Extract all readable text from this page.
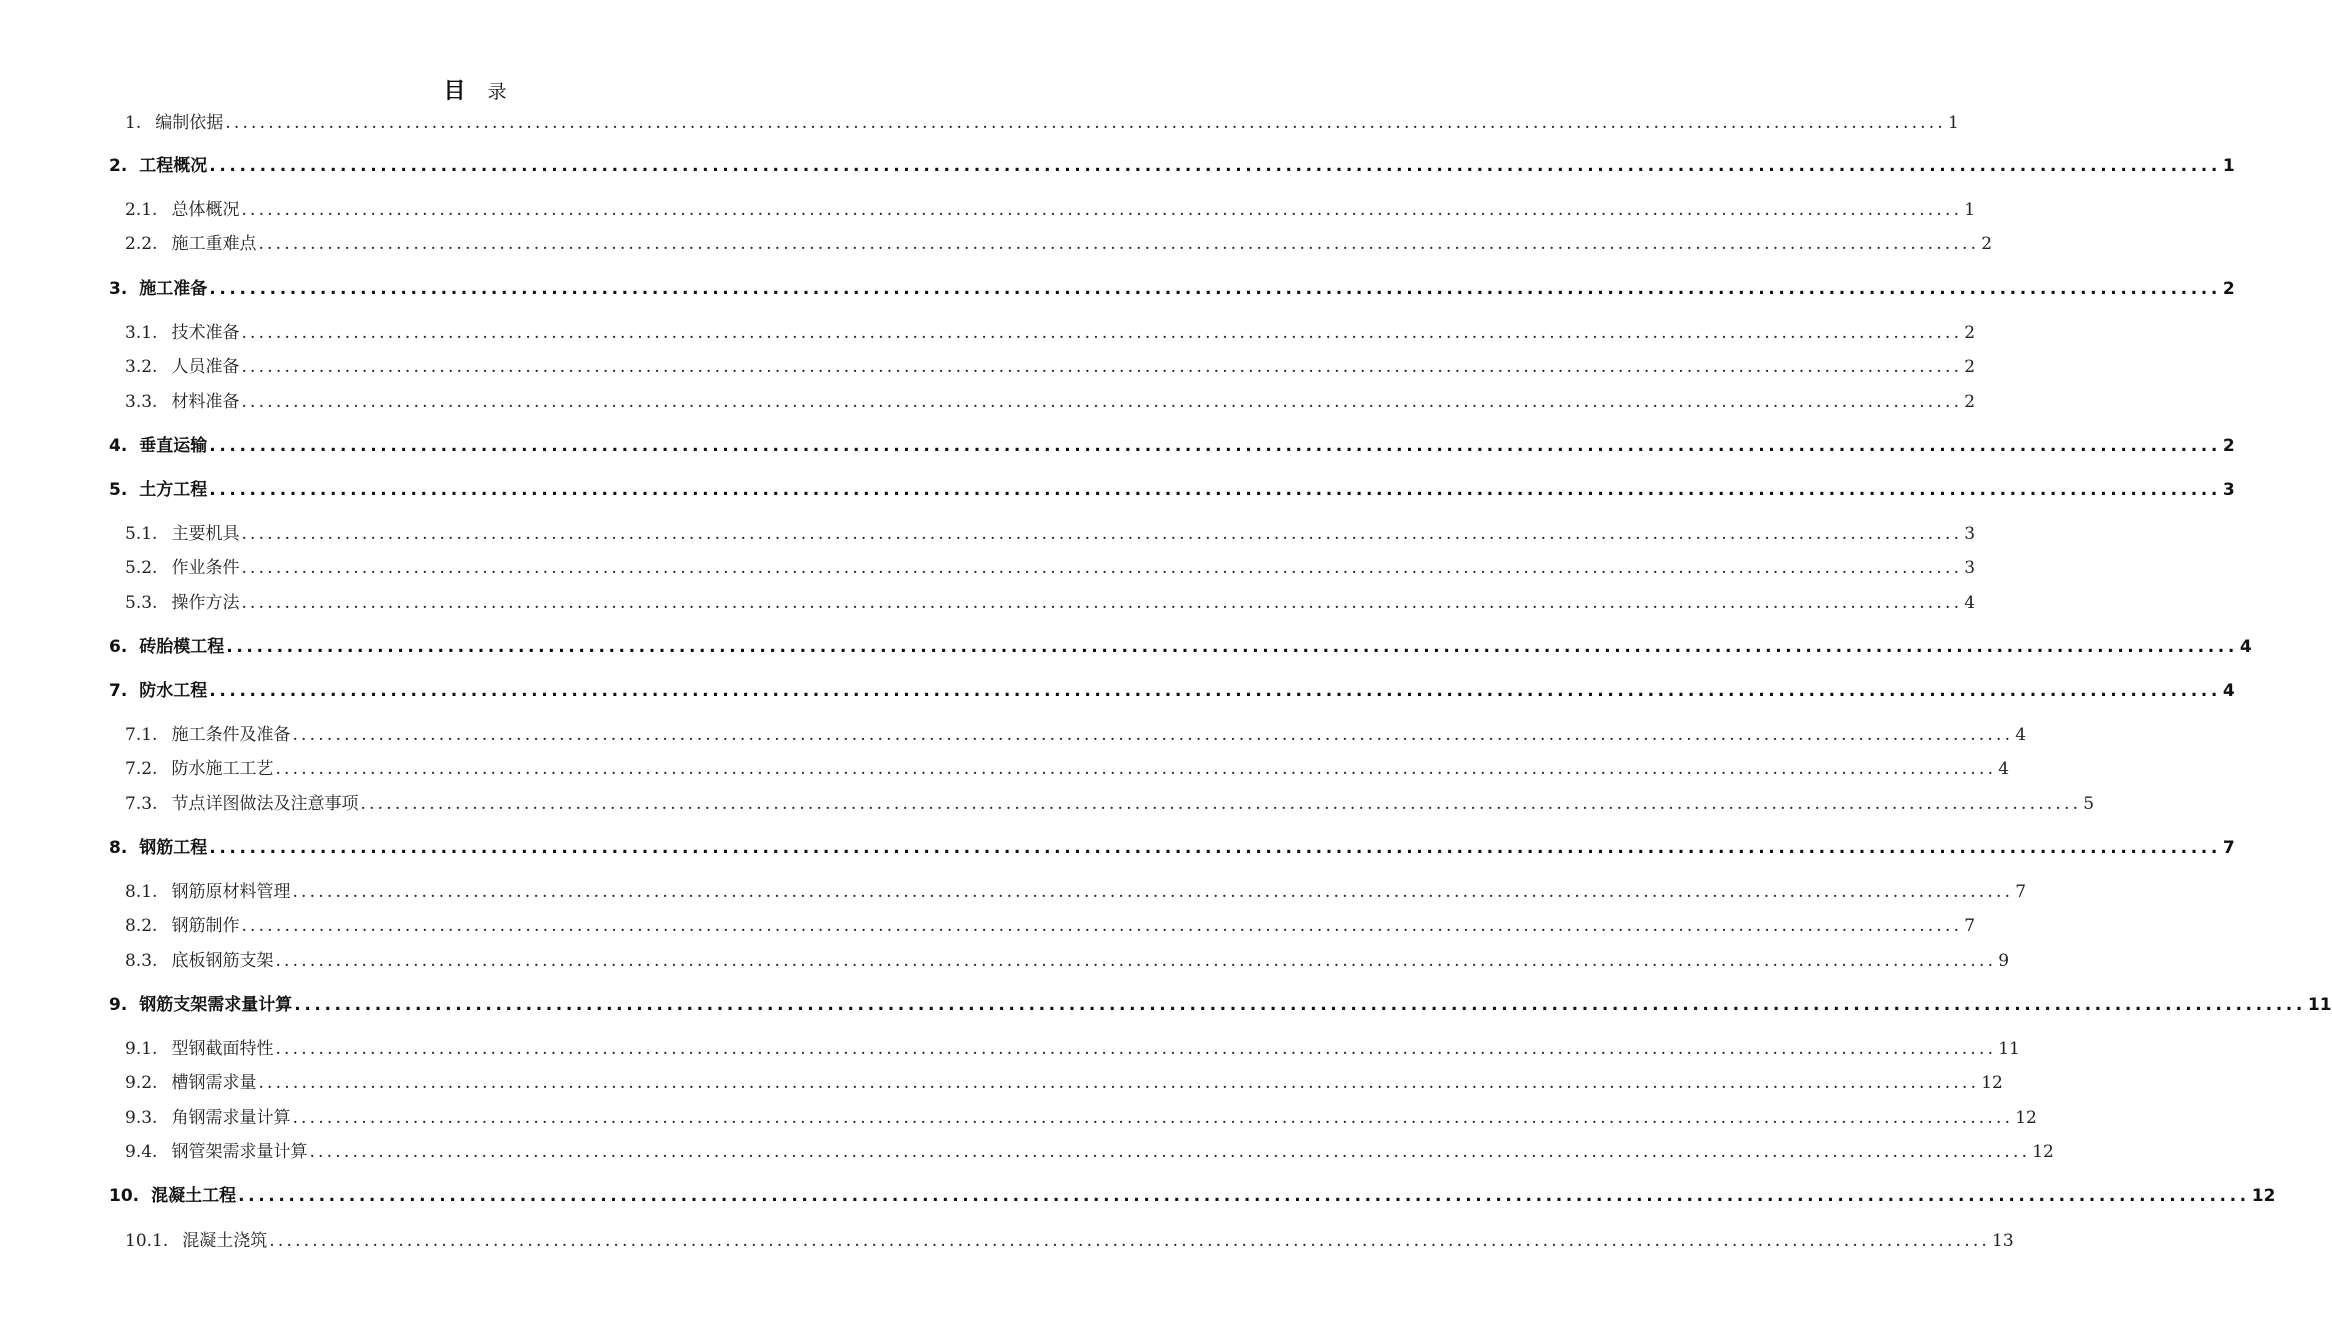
目 录
1. 编制依据 ........................................................................................................................................................................................................ 1
2. 工程概况 ........................................................................................................................................................................................................ 1
2.1. 总体概况 ........................................................................................................................................................................................................ 1
2.2. 施工重难点 ........................................................................................................................................................................................................ 2
3. 施工准备 ........................................................................................................................................................................................................ 2
3.1. 技术准备 ........................................................................................................................................................................................................ 2
3.2. 人员准备 ........................................................................................................................................................................................................ 2
3.3. 材料准备 ........................................................................................................................................................................................................ 2
4. 垂直运输 ........................................................................................................................................................................................................ 2
5. 土方工程 ........................................................................................................................................................................................................ 3
5.1. 主要机具 ........................................................................................................................................................................................................ 3
5.2. 作业条件 ........................................................................................................................................................................................................ 3
5.3. 操作方法 ........................................................................................................................................................................................................ 4
6. 砖胎模工程 ........................................................................................................................................................................................................ 4
7. 防水工程 ........................................................................................................................................................................................................ 4
7.1. 施工条件及准备 ........................................................................................................................................................................................................ 4
7.2. 防水施工工艺 ........................................................................................................................................................................................................ 4
7.3. 节点详图做法及注意事项 ........................................................................................................................................................................................................ 5
8. 钢筋工程 ........................................................................................................................................................................................................ 7
8.1. 钢筋原材料管理 ........................................................................................................................................................................................................ 7
8.2. 钢筋制作 ........................................................................................................................................................................................................ 7
8.3. 底板钢筋支架 ........................................................................................................................................................................................................ 9
9. 钢筋支架需求量计算 ........................................................................................................................................................................................................ 11
9.1. 型钢截面特性 ........................................................................................................................................................................................................ 11
9.2. 槽钢需求量 ........................................................................................................................................................................................................ 12
9.3. 角钢需求量计算 ........................................................................................................................................................................................................ 12
9.4. 钢管架需求量计算 ........................................................................................................................................................................................................ 12
10. 混凝土工程 ........................................................................................................................................................................................................ 12
10.1. 混凝土浇筑 ........................................................................................................................................................................................................ 13
